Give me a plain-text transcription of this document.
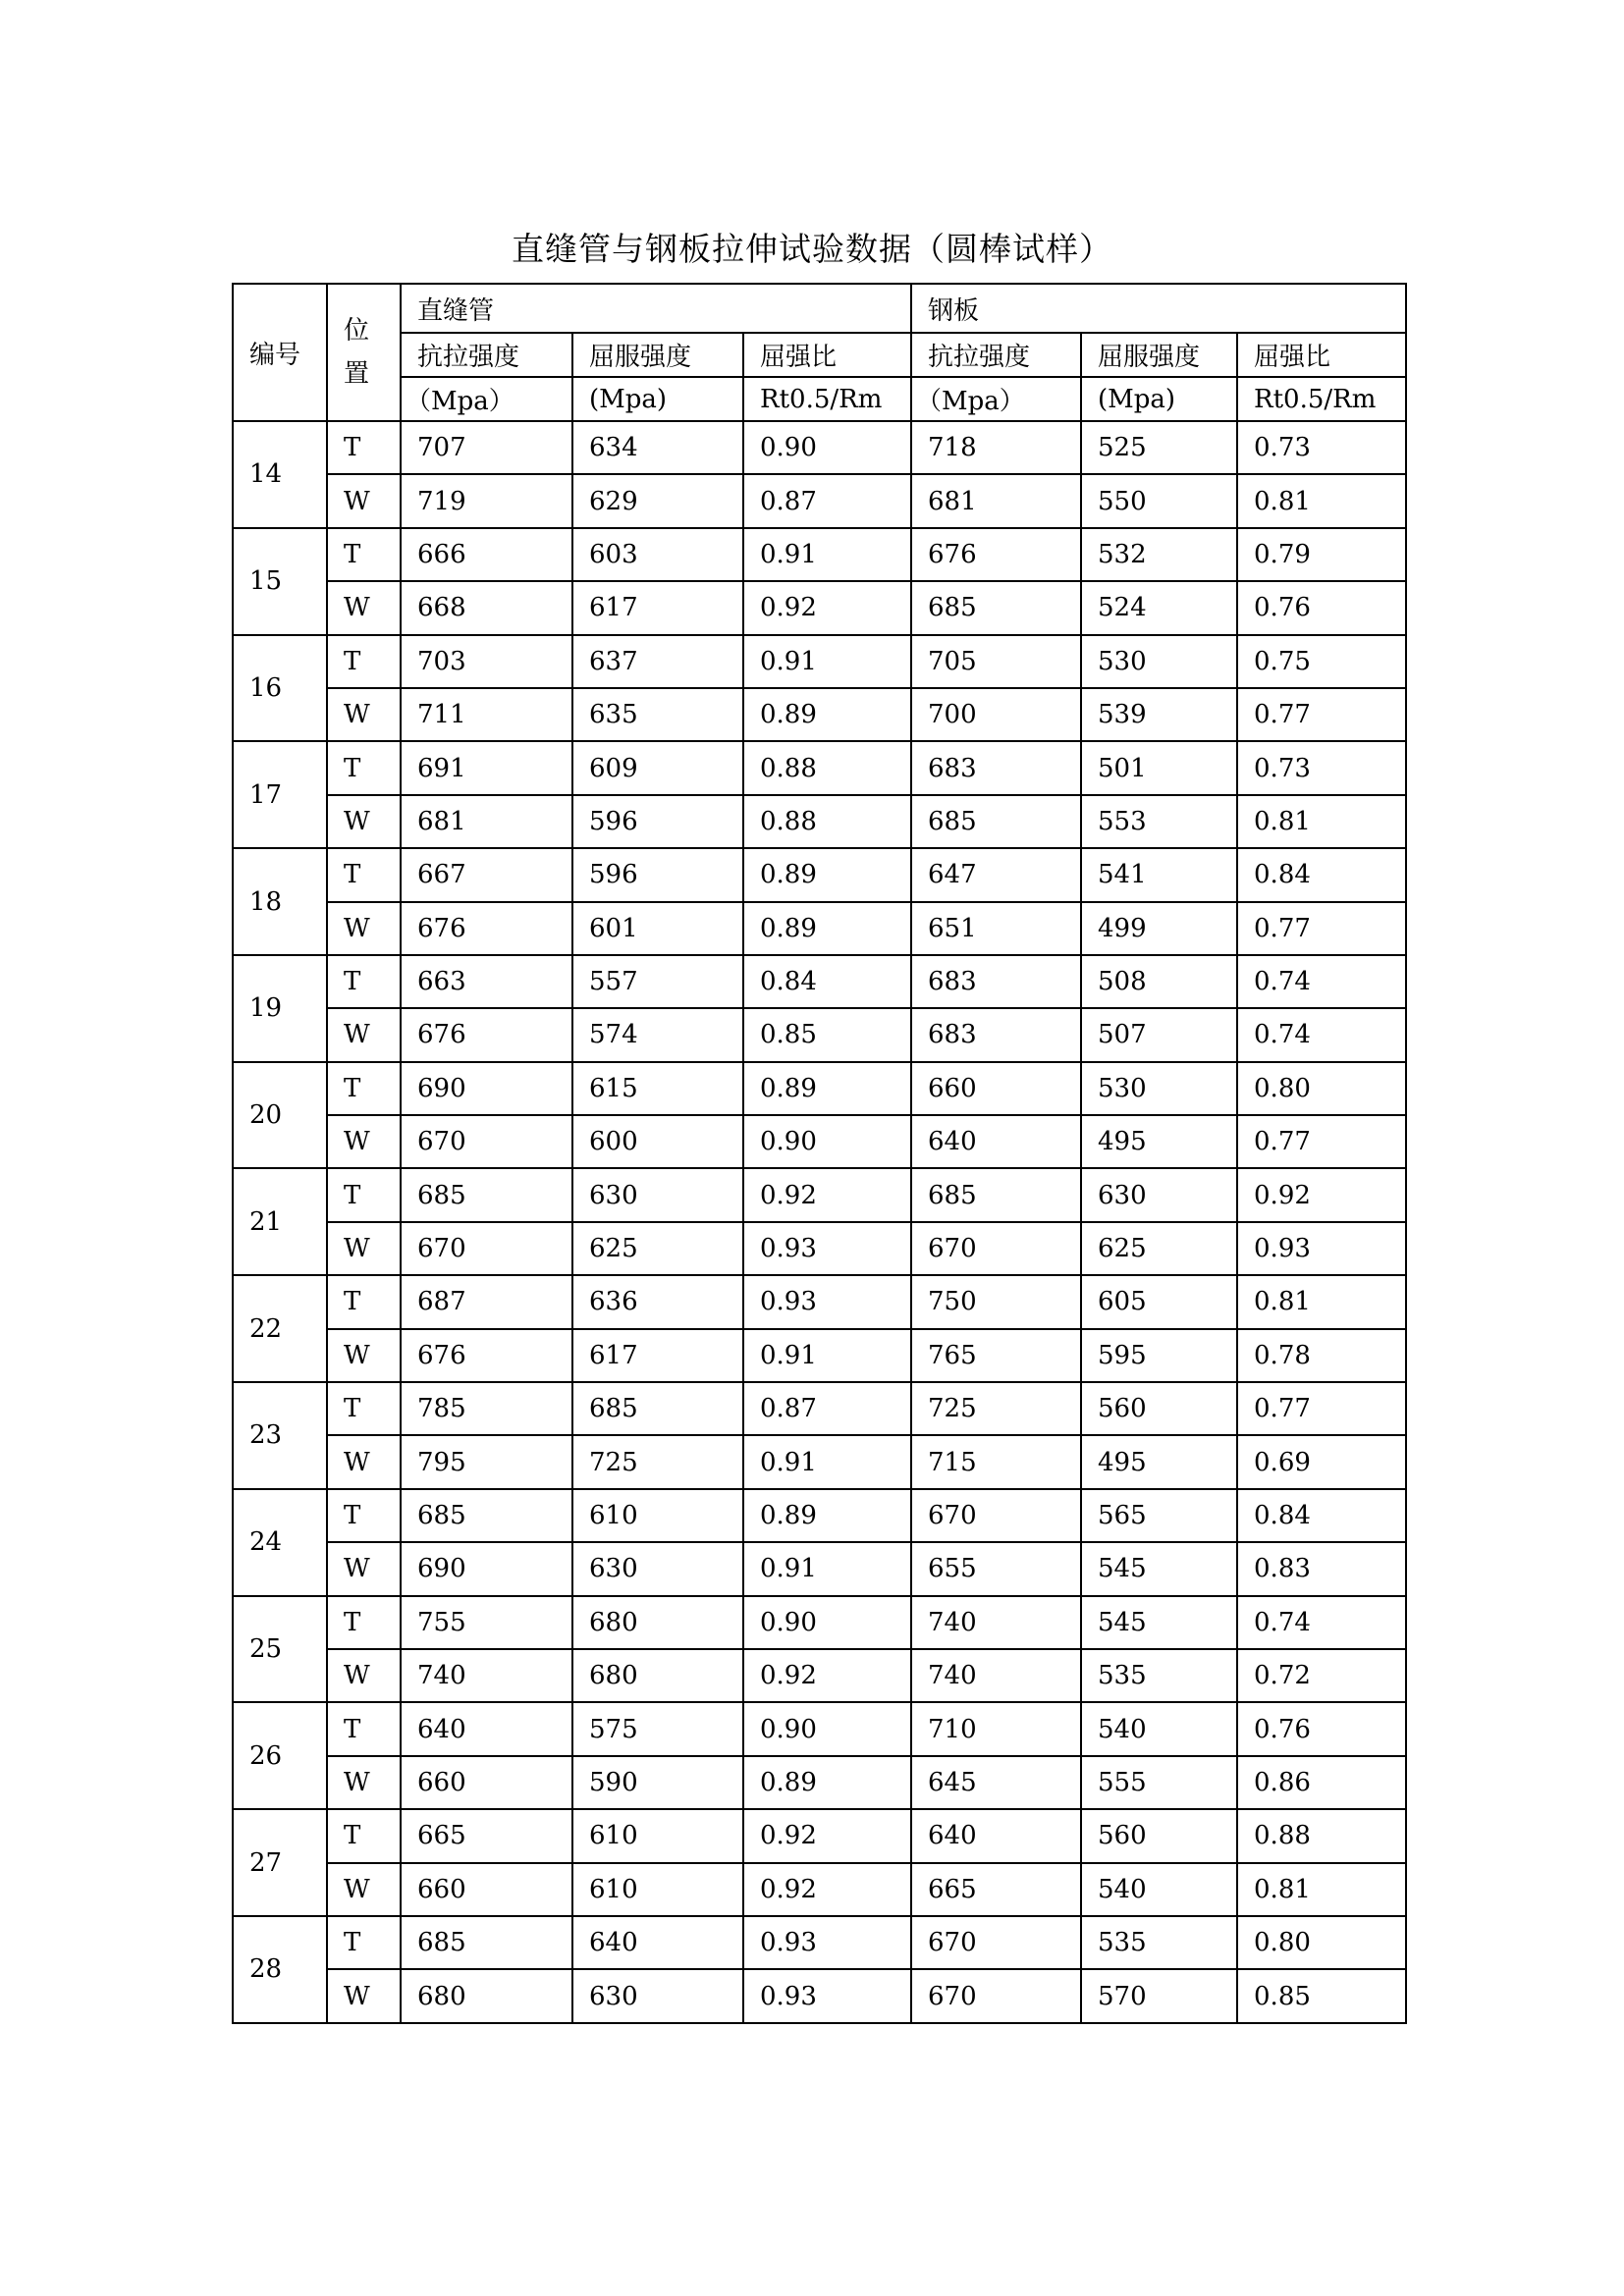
直缝管与钢板拉伸试验数据（圆棒试样）
编号	位
置	直缝管			钢板		
		抗拉强度	屈服强度	屈强比	抗拉强度	屈服强度	屈强比
		（Mpa）	(Mpa)	Rt0.5/Rm	（Mpa）	(Mpa)	Rt0.5/Rm
14	T	707	634	0.90	718	525	0.73
	W	719	629	0.87	681	550	0.81
15	T	666	603	0.91	676	532	0.79
	W	668	617	0.92	685	524	0.76
16	T	703	637	0.91	705	530	0.75
	W	711	635	0.89	700	539	0.77
17	T	691	609	0.88	683	501	0.73
	W	681	596	0.88	685	553	0.81
18	T	667	596	0.89	647	541	0.84
	W	676	601	0.89	651	499	0.77
19	T	663	557	0.84	683	508	0.74
	W	676	574	0.85	683	507	0.74
20	T	690	615	0.89	660	530	0.80
	W	670	600	0.90	640	495	0.77
21	T	685	630	0.92	685	630	0.92
	W	670	625	0.93	670	625	0.93
22	T	687	636	0.93	750	605	0.81
	W	676	617	0.91	765	595	0.78
23	T	785	685	0.87	725	560	0.77
	W	795	725	0.91	715	495	0.69
24	T	685	610	0.89	670	565	0.84
	W	690	630	0.91	655	545	0.83
25	T	755	680	0.90	740	545	0.74
	W	740	680	0.92	740	535	0.72
26	T	640	575	0.90	710	540	0.76
	W	660	590	0.89	645	555	0.86
27	T	665	610	0.92	640	560	0.88
	W	660	610	0.92	665	540	0.81
28	T	685	640	0.93	670	535	0.80
	W	680	630	0.93	670	570	0.85
